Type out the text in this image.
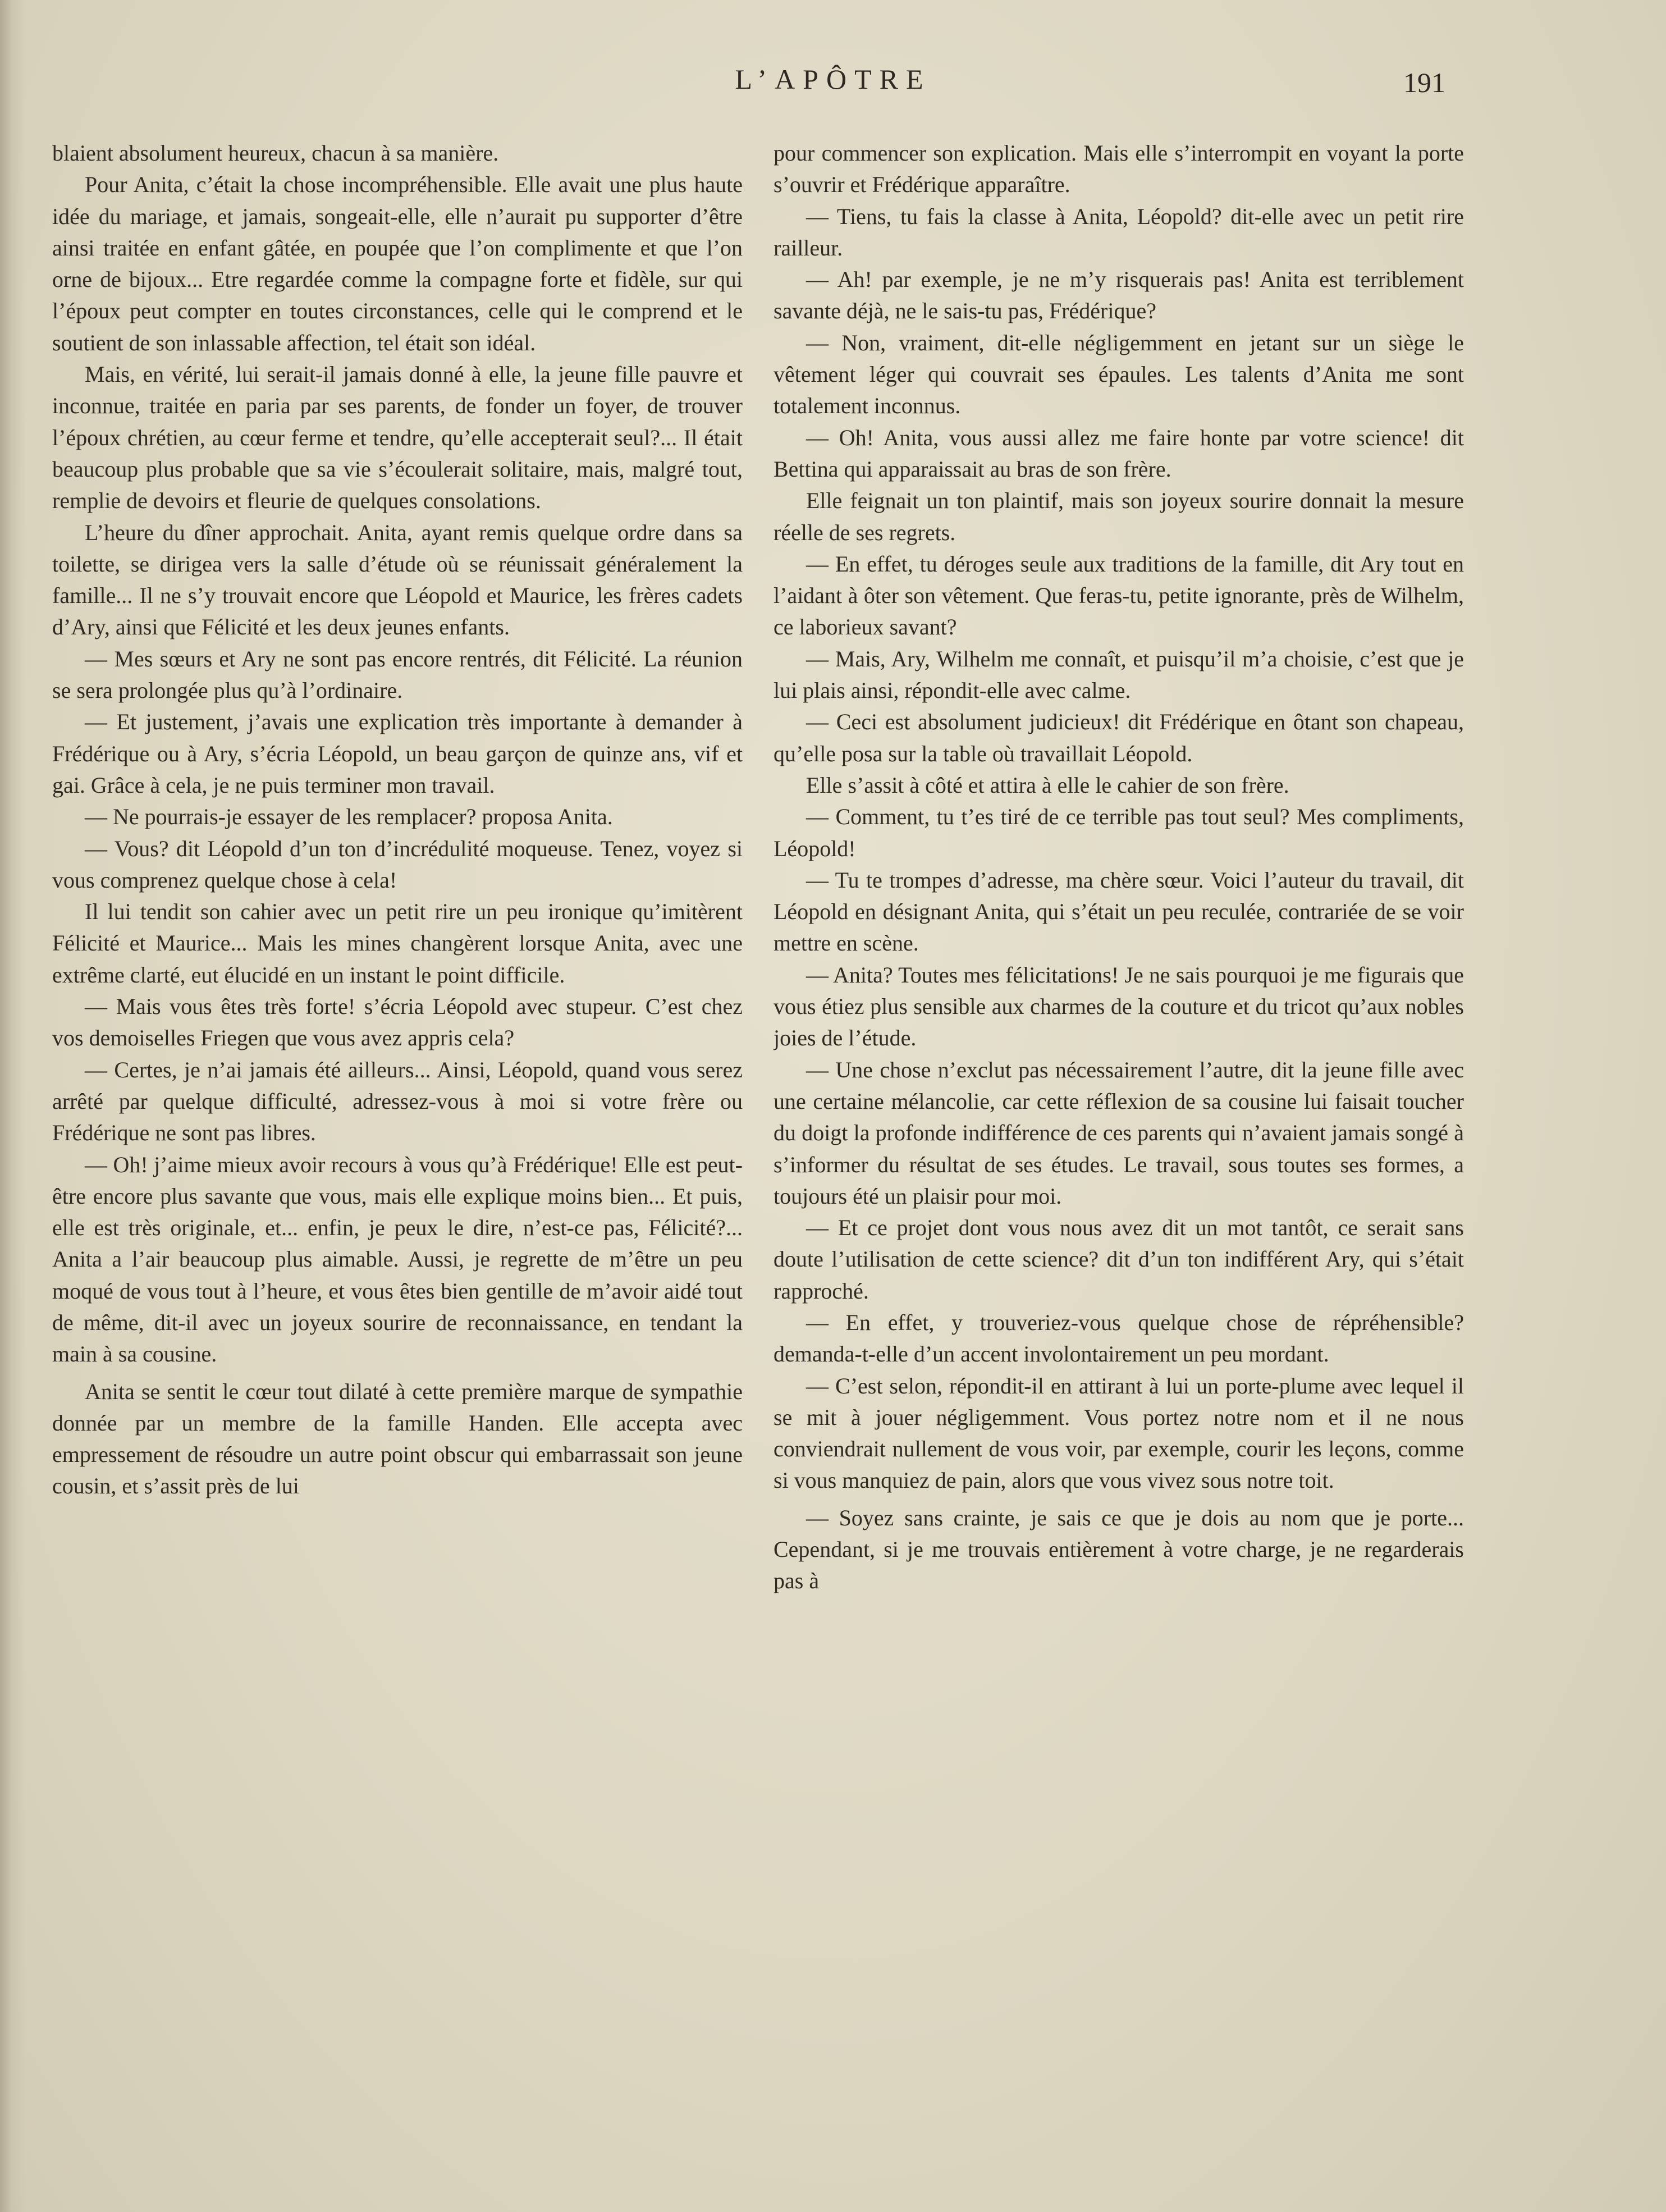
L’APÔTRE	191

blaient absolument heureux, chacun à sa manière.

Pour Anita, c’était la chose incompréhensible. Elle avait une plus haute idée du mariage, et jamais, songeait-elle, elle n’aurait pu supporter d’être ainsi traitée en enfant gâtée, en poupée que l’on complimente et que l’on orne de bijoux... Etre regardée comme la compagne forte et fidèle, sur qui l’époux peut compter en toutes circonstances, celle qui le comprend et le soutient de son inlassable affection, tel était son idéal.

Mais, en vérité, lui serait-il jamais donné à elle, la jeune fille pauvre et inconnue, traitée en paria par ses parents, de fonder un foyer, de trouver l’époux chrétien, au cœur ferme et tendre, qu’elle accepterait seul?... Il était beaucoup plus probable que sa vie s’écoulerait solitaire, mais, malgré tout, remplie de devoirs et fleurie de quelques consolations.

L’heure du dîner approchait. Anita, ayant remis quelque ordre dans sa toilette, se dirigea vers la salle d’étude où se réunissait généralement la famille... Il ne s’y trouvait encore que Léopold et Maurice, les frères cadets d’Ary, ainsi que Félicité et les deux jeunes enfants.

— Mes sœurs et Ary ne sont pas encore rentrés, dit Félicité. La réunion se sera prolongée plus qu’à l’ordinaire.

— Et justement, j’avais une explication très importante à demander à Frédérique ou à Ary, s’écria Léopold, un beau garçon de quinze ans, vif et gai. Grâce à cela, je ne puis terminer mon travail.

— Ne pourrais-je essayer de les remplacer? proposa Anita.

— Vous? dit Léopold d’un ton d’incrédulité moqueuse. Tenez, voyez si vous comprenez quelque chose à cela!

Il lui tendit son cahier avec un petit rire un peu ironique qu’imitèrent Félicité et Maurice... Mais les mines changèrent lorsque Anita, avec une extrême clarté, eut élucidé en un instant le point difficile.

— Mais vous êtes très forte! s’écria Léopold avec stupeur. C’est chez vos demoiselles Friegen que vous avez appris cela?

— Certes, je n’ai jamais été ailleurs... Ainsi, Léopold, quand vous serez arrêté par quelque difficulté, adressez-vous à moi si votre frère ou Frédérique ne sont pas libres.

— Oh! j’aime mieux avoir recours à vous qu’à Frédérique! Elle est peut-être encore plus savante que vous, mais elle explique moins bien... Et puis, elle est très originale, et... enfin, je peux le dire, n’est-ce pas, Félicité?... Anita a l’air beaucoup plus aimable. Aussi, je regrette de m’être un peu moqué de vous tout à l’heure, et vous êtes bien gentille de m’avoir aidé tout de même, dit-il avec un joyeux sourire de reconnaissance, en tendant la main à sa cousine.

Anita se sentit le cœur tout dilaté à cette première marque de sympathie donnée par un membre de la famille Handen. Elle accepta avec empressement de résoudre un autre point obscur qui embarrassait son jeune cousin, et s’assit près de lui

pour commencer son explication. Mais elle s’interrompit en voyant la porte s’ouvrir et Frédérique apparaître.

— Tiens, tu fais la classe à Anita, Léopold? dit-elle avec un petit rire railleur.

— Ah! par exemple, je ne m’y risquerais pas! Anita est terriblement savante déjà, ne le sais-tu pas, Frédérique?

— Non, vraiment, dit-elle négligemment en jetant sur un siège le vêtement léger qui couvrait ses épaules. Les talents d’Anita me sont totalement inconnus.

— Oh! Anita, vous aussi allez me faire honte par votre science! dit Bettina qui apparaissait au bras de son frère.

Elle feignait un ton plaintif, mais son joyeux sourire donnait la mesure réelle de ses regrets.

— En effet, tu déroges seule aux traditions de la famille, dit Ary tout en l’aidant à ôter son vêtement. Que feras-tu, petite ignorante, près de Wilhelm, ce laborieux savant?

— Mais, Ary, Wilhelm me connaît, et puisqu’il m’a choisie, c’est que je lui plais ainsi, répondit-elle avec calme.

— Ceci est absolument judicieux! dit Frédérique en ôtant son chapeau, qu’elle posa sur la table où travaillait Léopold.

Elle s’assit à côté et attira à elle le cahier de son frère.

— Comment, tu t’es tiré de ce terrible pas tout seul? Mes compliments, Léopold!

— Tu te trompes d’adresse, ma chère sœur. Voici l’auteur du travail, dit Léopold en désignant Anita, qui s’était un peu reculée, contrariée de se voir mettre en scène.

— Anita? Toutes mes félicitations! Je ne sais pourquoi je me figurais que vous étiez plus sensible aux charmes de la couture et du tricot qu’aux nobles joies de l’étude.

— Une chose n’exclut pas nécessairement l’autre, dit la jeune fille avec une certaine mélancolie, car cette réflexion de sa cousine lui faisait toucher du doigt la profonde indifférence de ces parents qui n’avaient jamais songé à s’informer du résultat de ses études. Le travail, sous toutes ses formes, a toujours été un plaisir pour moi.

— Et ce projet dont vous nous avez dit un mot tantôt, ce serait sans doute l’utilisation de cette science? dit d’un ton indifférent Ary, qui s’était rapproché.

— En effet, y trouveriez-vous quelque chose de répréhensible? demanda-t-elle d’un accent involontairement un peu mordant.

— C’est selon, répondit-il en attirant à lui un porte-plume avec lequel il se mit à jouer négligemment. Vous portez notre nom et il ne nous conviendrait nullement de vous voir, par exemple, courir les leçons, comme si vous manquiez de pain, alors que vous vivez sous notre toit.

— Soyez sans crainte, je sais ce que je dois au nom que je porte... Cependant, si je me trouvais entièrement à votre charge, je ne regarderais pas à
